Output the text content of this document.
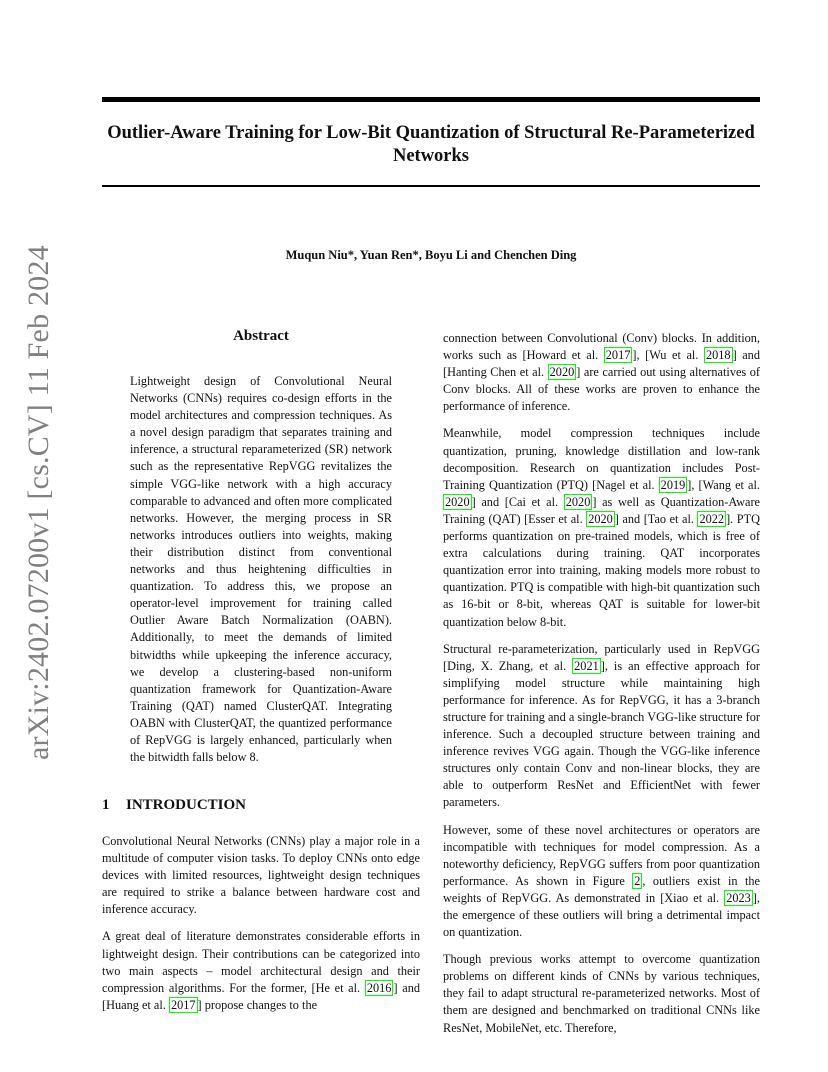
Outlier-Aware Training for Low-Bit Quantization of Structural Re-Parameterized Networks
Muqun Niu*, Yuan Ren*, Boyu Li and Chenchen Ding
arXiv:2402.07200v1 [cs.CV] 11 Feb 2024	Abstract
Lightweight design of Convolutional Neural Networks (CNNs) requires co-design efforts in the model architectures and compression techniques. As a novel design paradigm that separates training and inference, a structural reparameterized (SR) network such as the representative RepVGG revitalizes the simple VGG-like network with a high accuracy comparable to advanced and often more complicated networks. However, the merging process in SR networks introduces outliers into weights, making their distribution distinct from conventional networks and thus heightening difficulties in quantization. To address this, we propose an operator-level improvement for training called Outlier Aware Batch Normalization (OABN). Additionally, to meet the demands of limited bitwidths while upkeeping the inference accuracy, we develop a clustering-based non-uniform quantization framework for Quantization-Aware Training (QAT) named ClusterQAT. Integrating OABN with ClusterQAT, the quantized performance of RepVGG is largely enhanced, particularly when the bitwidth falls below 8.
1 INTRODUCTION

Convolutional Neural Networks (CNNs) play a major role in a multitude of computer vision tasks. To deploy CNNs onto edge devices with limited resources, lightweight design techniques are required to strike a balance between hardware cost and inference accuracy.

A great deal of literature demonstrates considerable efforts in lightweight design. Their contributions can be categorized into two main aspects – model architectural design and their compression algorithms. For the former, [He et al. 2016 ] and [Huang et al. 2017 ] propose changes to the

connection between Convolutional (Conv) blocks. In addition, works such as [Howard et al. 2017 ], [Wu et al. 2018 ] and [Hanting Chen et al. 2020 ] are carried out using alternatives of Conv blocks. All of these works are proven to enhance the performance of inference.

Meanwhile, model compression techniques include quantization, pruning, knowledge distillation and low-rank decomposition. Research on quantization includes Post-Training Quantization (PTQ) [Nagel et al. 2019 ], [Wang et al. 2020 ] and [Cai et al. 2020 ] as well as Quantization-Aware Training (QAT) [Esser et al. 2020 ] and [Tao et al. 2022 ]. PTQ performs quantization on pre-trained models, which is free of extra calculations during training. QAT incorporates quantization error into training, making models more robust to quantization. PTQ is compatible with high-bit quantization such as 16-bit or 8-bit, whereas QAT is suitable for lower-bit quantization below 8-bit.

Structural re-parameterization, particularly used in RepVGG [Ding, X. Zhang, et al. 2021 ], is an effective approach for simplifying model structure while maintaining high performance for inference. As for RepVGG, it has a 3-branch structure for training and a single-branch VGG-like structure for inference. Such a decoupled structure between training and inference revives VGG again. Though the VGG-like inference structures only contain Conv and non-linear blocks, they are able to outperform ResNet and EfficientNet with fewer parameters.

However, some of these novel architectures or operators are incompatible with techniques for model compression. As a noteworthy deficiency, RepVGG suffers from poor quantization performance. As shown in Figure 2 , outliers exist in the weights of RepVGG. As demonstrated in [Xiao et al. 2023 ], the emergence of these outliers will bring a detrimental impact on quantization.

Though previous works attempt to overcome quantization problems on different kinds of CNNs by various techniques, they fail to adapt structural re-parameterized networks. Most of them are designed and benchmarked on traditional CNNs like ResNet, MobileNet, etc. Therefore,
